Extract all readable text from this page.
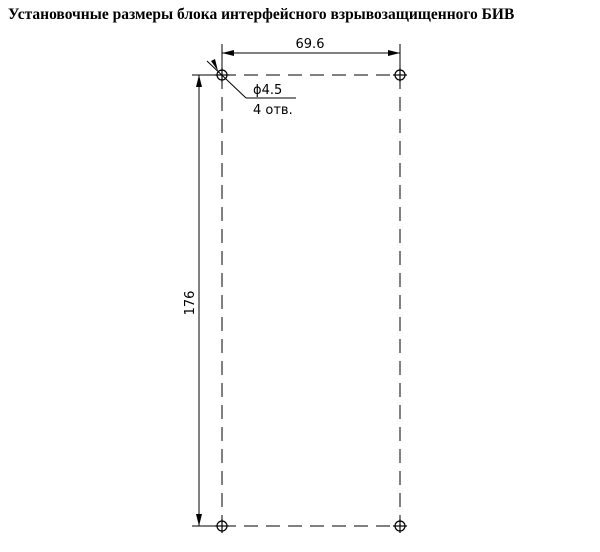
Установочные размеры блока интерфейсного взрывозащищенного БИВ
69.6
176
ϕ4.5
4 отв.
